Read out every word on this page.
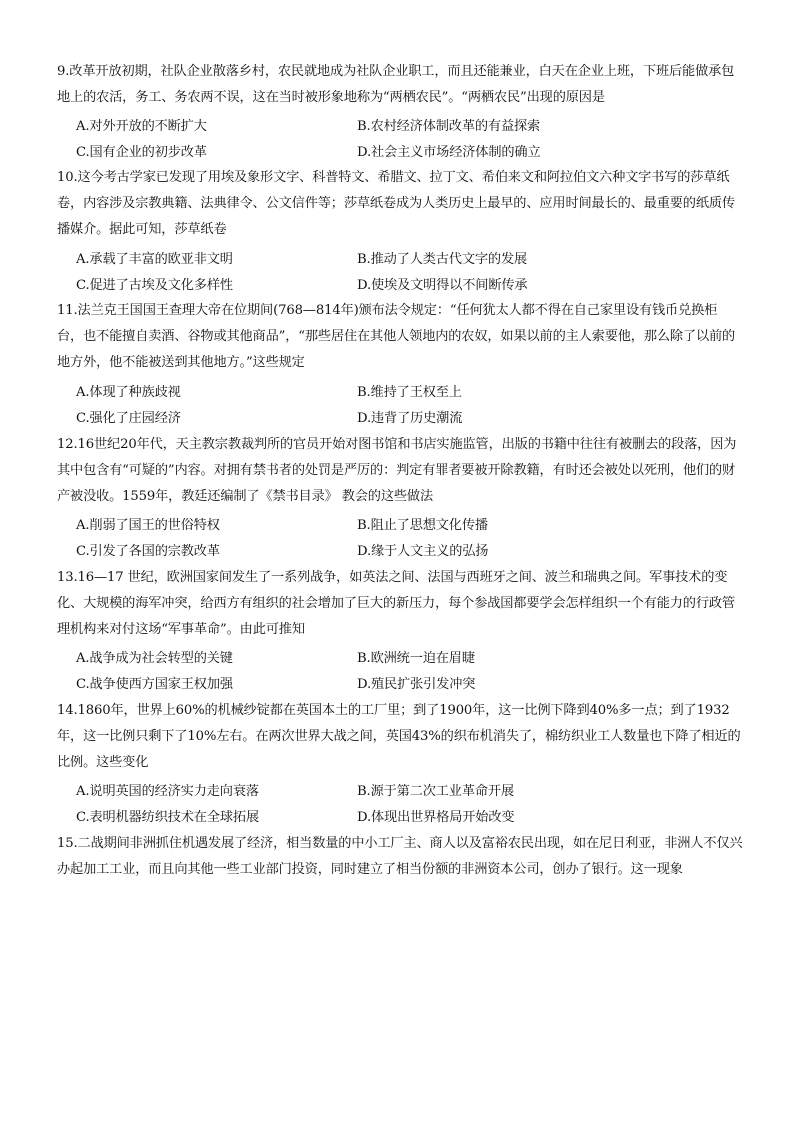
9.改革开放初期，社队企业散落乡村，农民就地成为社队企业职工，而且还能兼业，白天在企业上班，下班后能做承包地上的农活，务工、务农两不误，这在当时被形象地称为“两栖农民”。“两栖农民”出现的原因是
A.对外开放的不断扩大	B.农村经济体制改革的有益探索
C.国有企业的初步改革	D.社会主义市场经济体制的确立
10.这今考古学家已发现了用埃及象形文字、科普特文、希腊文、拉丁文、希伯来文和阿拉伯文六种文字书写的莎草纸卷，内容涉及宗教典籍、法典律令、公文信件等；莎草纸卷成为人类历史上最早的、应用时间最长的、最重要的纸质传播媒介。据此可知，莎草纸卷
A.承载了丰富的欧亚非文明	B.推动了人类古代文字的发展
C.促进了古埃及文化多样性	D.使埃及文明得以不间断传承
11.法兰克王国国王查理大帝在位期间(768—814年)颁布法令规定：“任何犹太人都不得在自己家里设有钱币兑换柜台，也不能擅自卖酒、谷物或其他商品”，“那些居住在其他人领地内的农奴，如果以前的主人索要他，那么除了以前的地方外，他不能被送到其他地方。”这些规定
A.体现了种族歧视	B.维持了王权至上
C.强化了庄园经济	D.违背了历史潮流
12.16世纪20年代，天主教宗教裁判所的官员开始对图书馆和书店实施监管，出版的书籍中往往有被删去的段落，因为其中包含有“可疑的”内容。对拥有禁书者的处罚是严厉的：判定有罪者要被开除教籍，有时还会被处以死刑，他们的财产被没收。1559年，教廷还编制了《禁书目录》 教会的这些做法
A.削弱了国王的世俗特权	B.阻止了思想文化传播
C.引发了各国的宗教改革	D.缘于人文主义的弘扬
13.16—17 世纪，欧洲国家间发生了一系列战争，如英法之间、法国与西班牙之间、波兰和瑞典之间。军事技术的变化、大规模的海军冲突，给西方有组织的社会增加了巨大的新压力，每个参战国都要学会怎样组织一个有能力的行政管理机构来对付这场“军事革命”。由此可推知
A.战争成为社会转型的关键	B.欧洲统一迫在眉睫
C.战争使西方国家王权加强	D.殖民扩张引发冲突
14.1860年，世界上60%的机械纱锭都在英国本土的工厂里；到了1900年，这一比例下降到40%多一点；到了1932 年，这一比例只剩下了10%左右。在两次世界大战之间，英国43%的织布机消失了，棉纺织业工人数量也下降了相近的比例。这些变化
A.说明英国的经济实力走向衰落	B.源于第二次工业革命开展
C.表明机器纺织技术在全球拓展	D.体现出世界格局开始改变
15.二战期间非洲抓住机遇发展了经济，相当数量的中小工厂主、商人以及富裕农民出现，如在尼日利亚，非洲人不仅兴办起加工工业，而且向其他一些工业部门投资，同时建立了相当份额的非洲资本公司，创办了银行。这一现象
